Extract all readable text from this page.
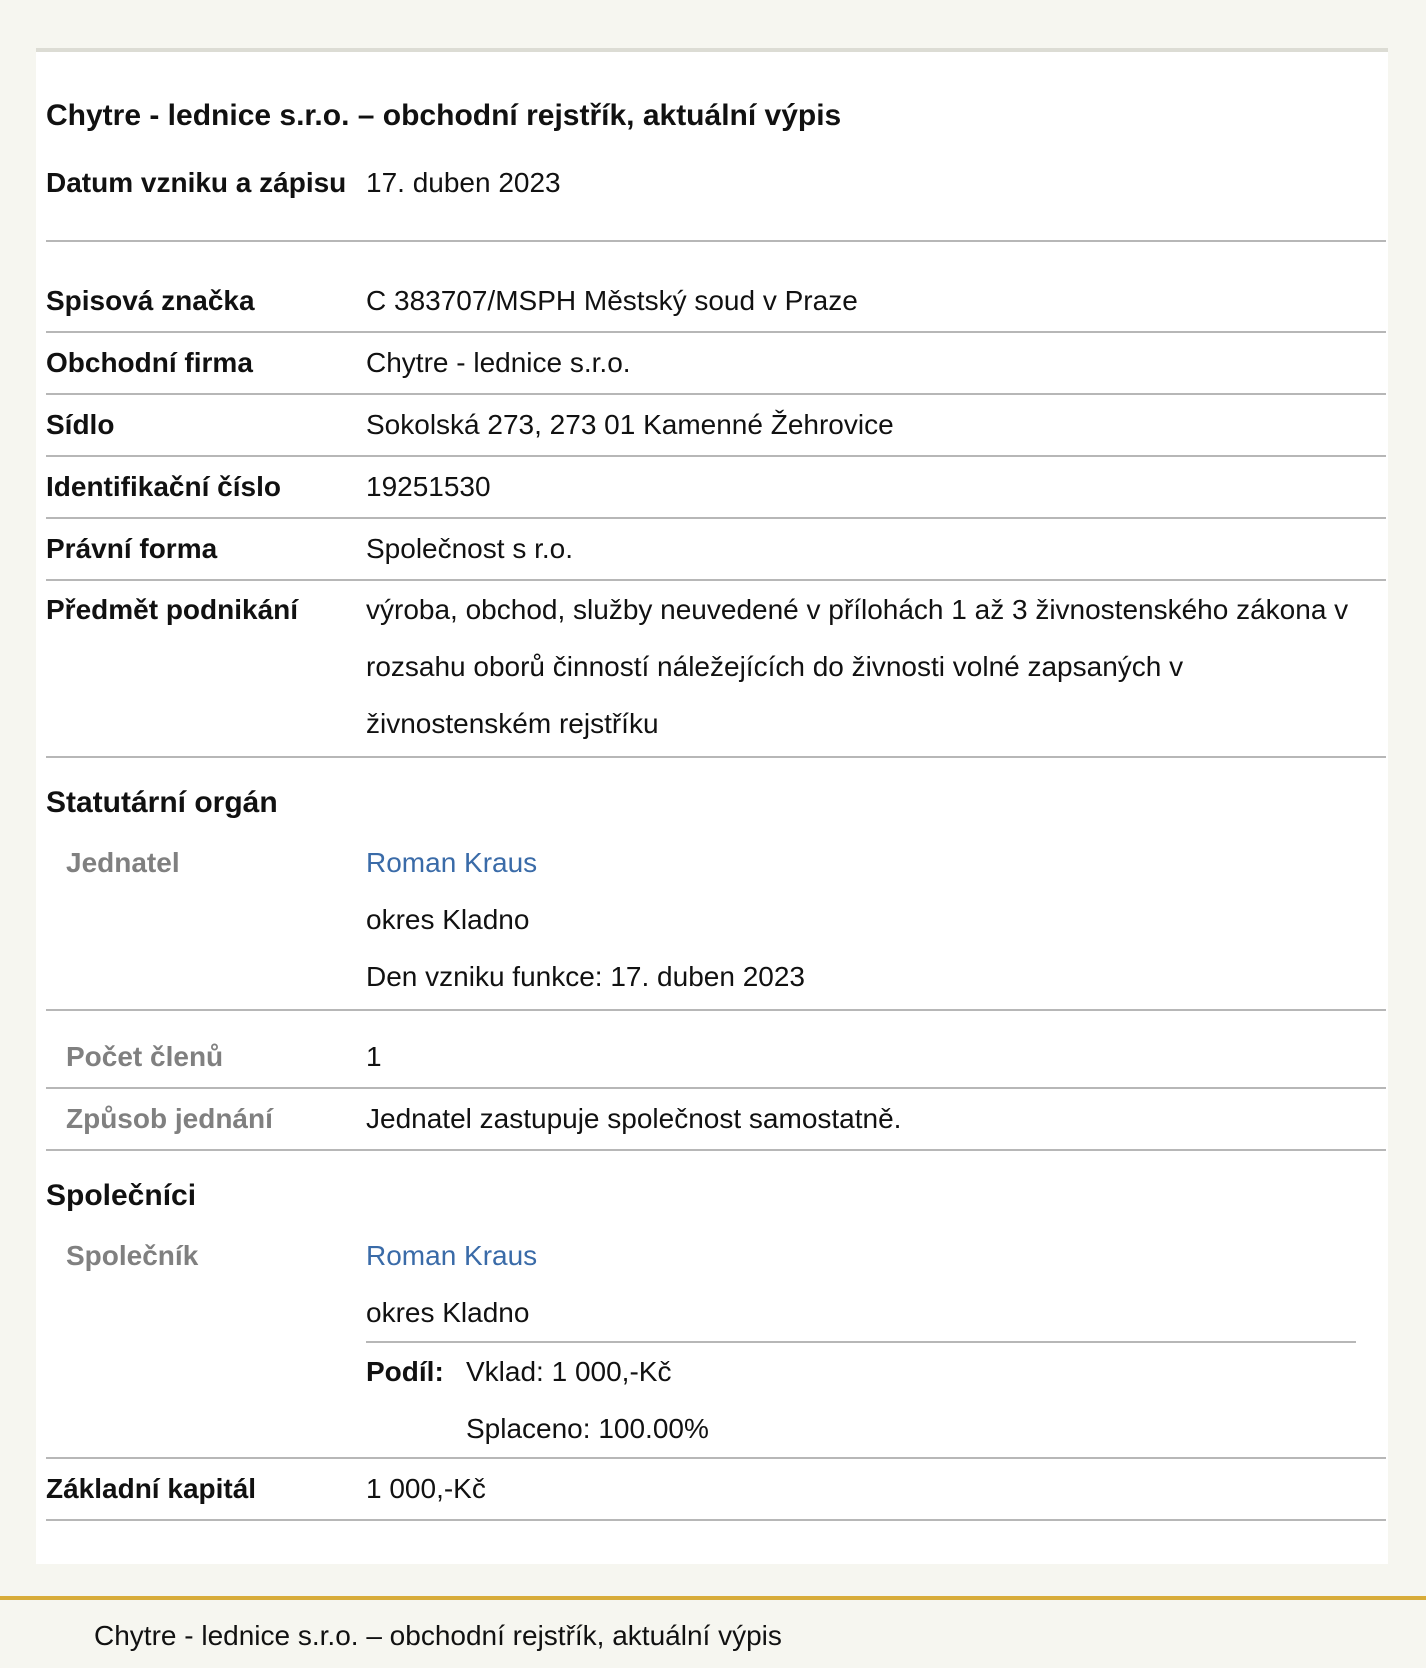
Chytre - lednice s.r.o. – obchodní rejstřík, aktuální výpis
Datum vzniku a zápisu 17. duben 2023
Spisová značka	C 383707/MSPH Městský soud v Praze
Obchodní firma	Chytre - lednice s.r.o.
Sídlo	Sokolská 273, 273 01 Kamenné Žehrovice
Identifikační číslo	19251530
Právní forma	Společnost s r.o.
Předmět podnikání	výroba, obchod, služby neuvedené v přílohách 1 až 3 živnostenského zákona v rozsahu oborů činností náležejících do živnosti volné zapsaných v živnostenském rejstříku
Statutární orgán
Jednatel	Roman Kraus
okres Kladno
Den vzniku funkce: 17. duben 2023
Počet členů	1
Způsob jednání	Jednatel zastupuje společnost samostatně.
Společníci
Společník	Roman Kraus
okres Kladno
Podíl: Vklad: 1 000,-Kč
Splaceno: 100.00%
Základní kapitál	1 000,-Kč
Chytre - lednice s.r.o. – obchodní rejstřík, aktuální výpis
